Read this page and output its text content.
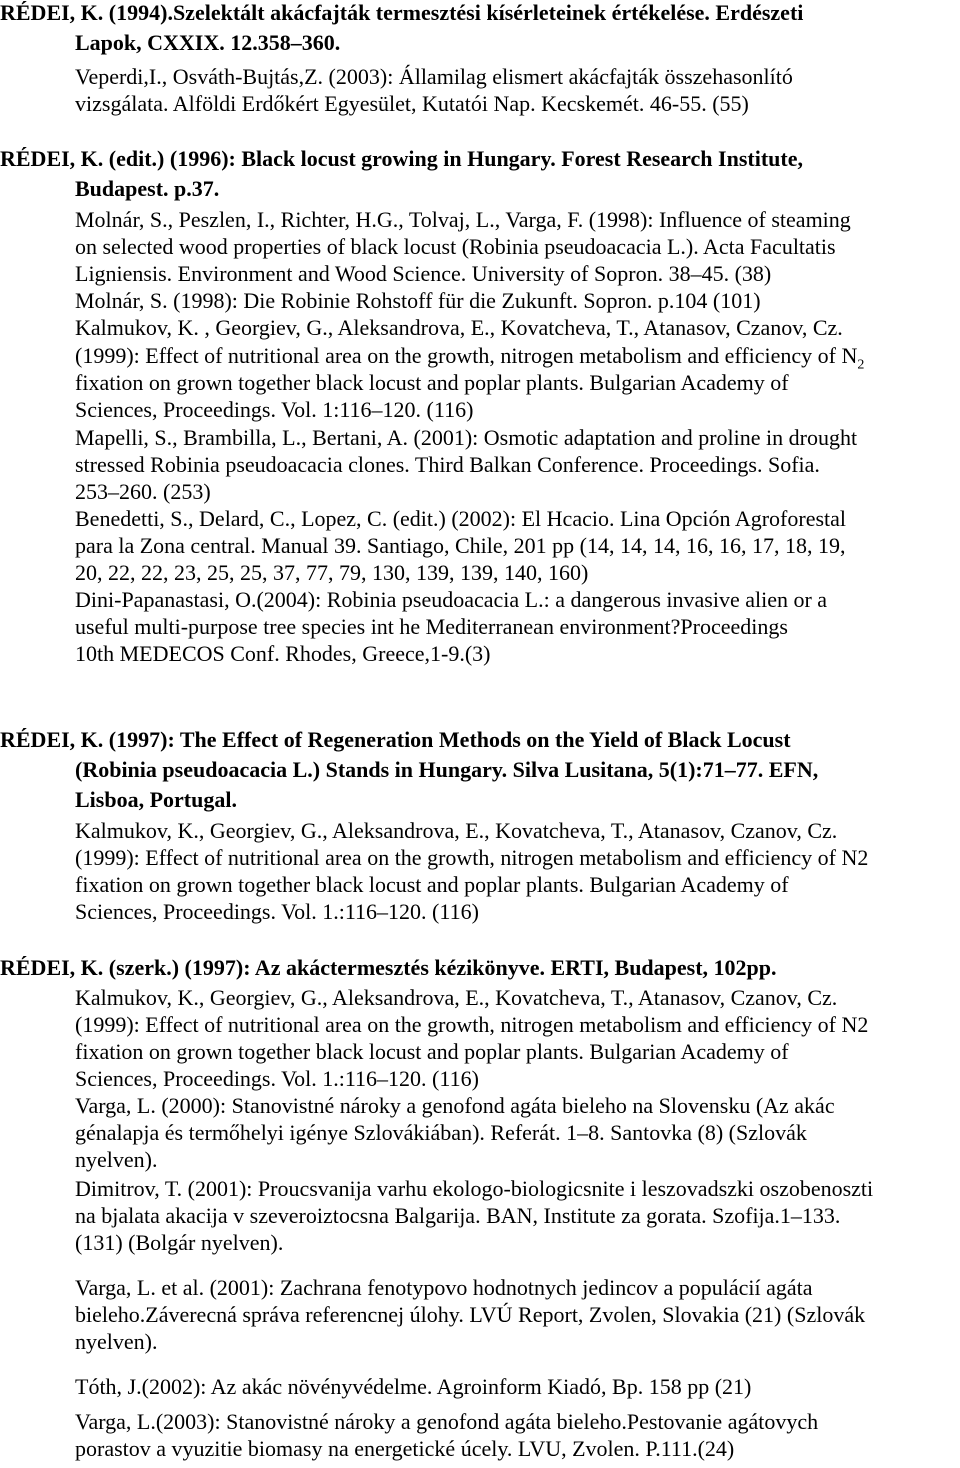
RÉDEI, K. (1994).Szelektált akácfajták termesztési kísérleteinek értékelése. Erdészeti

Lapok, CXXIX. 12.358–360.

Veperdi,I., Osváth-Bujtás,Z. (2003): Államilag elismert akácfajták összehasonlító

vizsgálata. Alföldi Erdőkért Egyesület, Kutatói Nap. Kecskemét. 46-55. (55)

RÉDEI, K. (edit.) (1996): Black locust growing in Hungary. Forest Research Institute,

Budapest. p.37.

Molnár, S., Peszlen, I., Richter, H.G., Tolvaj, L., Varga, F. (1998): Influence of steaming

on selected wood properties of black locust (Robinia pseudoacacia L.). Acta Facultatis

Ligniensis. Environment and Wood Science. University of Sopron. 38–45. (38)

Molnár, S. (1998): Die Robinie Rohstoff für die Zukunft. Sopron. p.104 (101)

Kalmukov, K. , Georgiev, G., Aleksandrova, E., Kovatcheva, T., Atanasov, Czanov, Cz.

(1999): Effect of nutritional area on the growth, nitrogen metabolism and efficiency of $N_2$

fixation on grown together black locust and poplar plants. Bulgarian Academy of

Sciences, Proceedings. Vol. 1:116–120. (116)

Mapelli, S., Brambilla, L., Bertani, A. (2001): Osmotic adaptation and proline in drought

stressed Robinia pseudoacacia clones. Third Balkan Conference. Proceedings. Sofia.

253–260. (253)

Benedetti, S., Delard, C., Lopez, C. (edit.) (2002): El Hcacio. Lina Opción Agroforestal

para la Zona central. Manual 39. Santiago, Chile, 201 pp (14, 14, 14, 16, 16, 17, 18, 19,

20, 22, 22, 23, 25, 25, 37, 77, 79, 130, 139, 139, 140, 160)

Dini-Papanastasi, O.(2004): Robinia pseudoacacia L.: a dangerous invasive alien or a

useful multi-purpose tree species int he Mediterranean environment?Proceedings

10th MEDECOS Conf. Rhodes, Greece,1-9.(3)

RÉDEI, K. (1997): The Effect of Regeneration Methods on the Yield of Black Locust

(Robinia pseudoacacia L.) Stands in Hungary. Silva Lusitana, 5(1):71–77. EFN,

Lisboa, Portugal.

Kalmukov, K., Georgiev, G., Aleksandrova, E., Kovatcheva, T., Atanasov, Czanov, Cz.

(1999): Effect of nutritional area on the growth, nitrogen metabolism and efficiency of N2

fixation on grown together black locust and poplar plants. Bulgarian Academy of

Sciences, Proceedings. Vol. 1.:116–120. (116)

RÉDEI, K. (szerk.) (1997): Az akáctermesztés kézikönyve. ERTI, Budapest, 102pp.

Kalmukov, K., Georgiev, G., Aleksandrova, E., Kovatcheva, T., Atanasov, Czanov, Cz.

(1999): Effect of nutritional area on the growth, nitrogen metabolism and efficiency of N2

fixation on grown together black locust and poplar plants. Bulgarian Academy of

Sciences, Proceedings. Vol. 1.:116–120. (116)

Varga, L. (2000): Stanovistné nároky a genofond agáta bieleho na Slovensku (Az akác

génalapja és termőhelyi igénye Szlovákiában). Referát. 1–8. Santovka (8) (Szlovák

nyelven).

Dimitrov, T. (2001): Proucsvanija varhu ekologo-biologicsnite i leszovadszki oszobenoszti

na bjalata akacija v szeveroiztocsna Balgarija. BAN, Institute za gorata. Szofija.1–133.

(131) (Bolgár nyelven).

Varga, L. et al. (2001): Zachrana fenotypovo hodnotnych jedincov a populácií agáta

bieleho.Záverecná správa referencnej úlohy. LVÚ Report, Zvolen, Slovakia (21) (Szlovák

nyelven).

Tóth, J.(2002): Az akác növényvédelme. Agroinform Kiadó, Bp. 158 pp (21)

Varga, L.(2003): Stanovistné nároky a genofond agáta bieleho.Pestovanie agátovych

porastov a vyuzitie biomasy na energetické úcely. LVU, Zvolen. P.111.(24)
